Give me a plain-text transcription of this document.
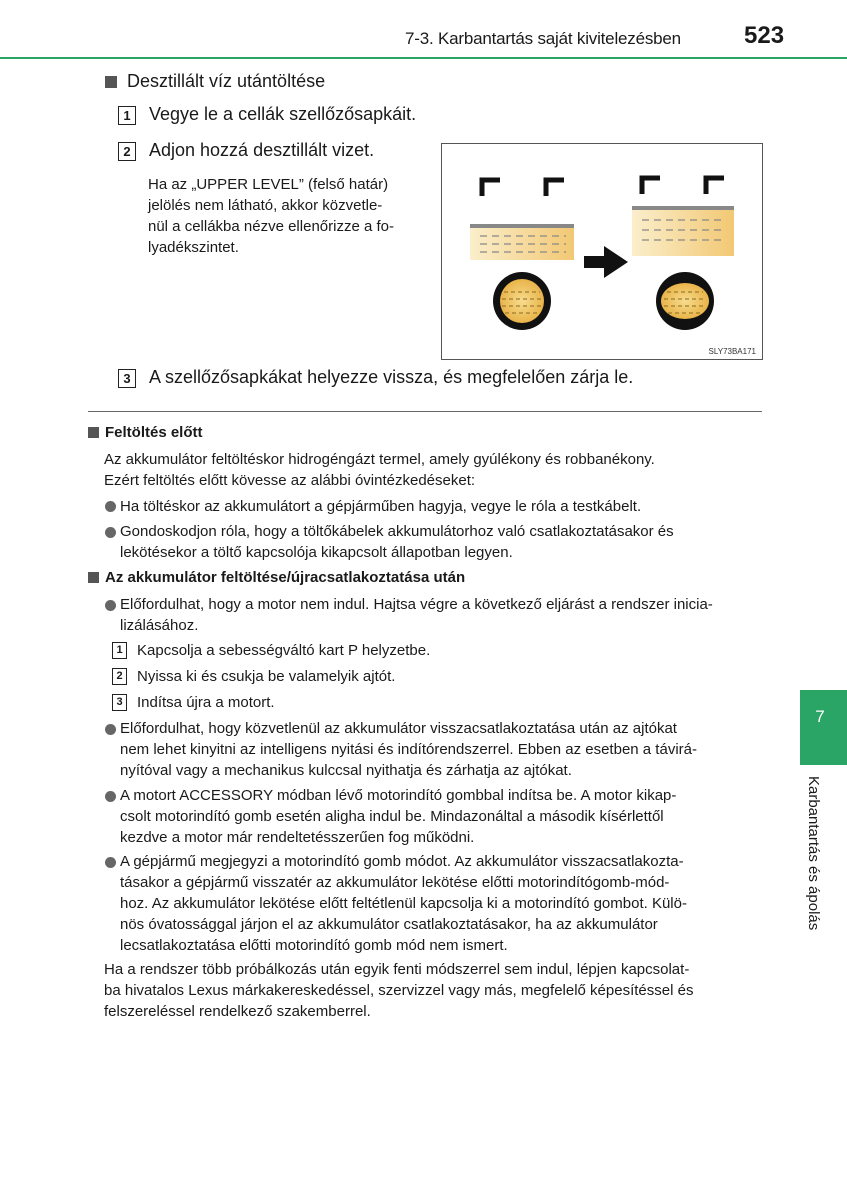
7-3. Karbantartás saját kivitelezésben	523
Desztillált víz utántöltése
1 Vegye le a cellák szellőzősapkáit.
2 Adjon hozzá desztillált vizet.
Ha az „UPPER LEVEL” (felső határ)
jelölés nem látható, akkor közvetle-
nül a cellákba nézve ellenőrizze a fo-
lyadékszintet.
SLY73BA171
3 A szellőzősapkákat helyezze vissza, és megfelelően zárja le.
Feltöltés előtt
Az akkumulátor feltöltéskor hidrogéngázt termel, amely gyúlékony és robbanékony.
Ezért feltöltés előtt kövesse az alábbi óvintézkedéseket:
Ha töltéskor az akkumulátort a gépjárműben hagyja, vegye le róla a testkábelt.
Gondoskodjon róla, hogy a töltőkábelek akkumulátorhoz való csatlakoztatásakor és
lekötésekor a töltő kapcsolója kikapcsolt állapotban legyen.
Az akkumulátor feltöltése/újracsatlakoztatása után
Előfordulhat, hogy a motor nem indul. Hajtsa végre a következő eljárást a rendszer inicia-
lizálásához.
1 Kapcsolja a sebességváltó kart P helyzetbe.
2 Nyissa ki és csukja be valamelyik ajtót.
3 Indítsa újra a motort.
Előfordulhat, hogy közvetlenül az akkumulátor visszacsatlakoztatása után az ajtókat
nem lehet kinyitni az intelligens nyitási és indítórendszerrel. Ebben az esetben a távirá-
nyítóval vagy a mechanikus kulccsal nyithatja és zárhatja az ajtókat.
A motort ACCESSORY módban lévő motorindító gombbal indítsa be. A motor kikap-
csolt motorindító gomb esetén aligha indul be. Mindazonáltal a második kísérlettől
kezdve a motor már rendeltetésszerűen fog működni.
A gépjármű megjegyzi a motorindító gomb módot. Az akkumulátor visszacsatlakozta-
tásakor a gépjármű visszatér az akkumulátor lekötése előtti motorindítógomb-mód-
hoz. Az akkumulátor lekötése előtt feltétlenül kapcsolja ki a motorindító gombot. Külö-
nös óvatossággal járjon el az akkumulátor csatlakoztatásakor, ha az akkumulátor
lecsatlakoztatása előtti motorindító gomb mód nem ismert.
Ha a rendszer több próbálkozás után egyik fenti módszerrel sem indul, lépjen kapcsolat-
ba hivatalos Lexus márkakereskedéssel, szervizzel vagy más, megfelelő képesítéssel és
felszereléssel rendelkező szakemberrel.
7
Karbantartás és ápolás
